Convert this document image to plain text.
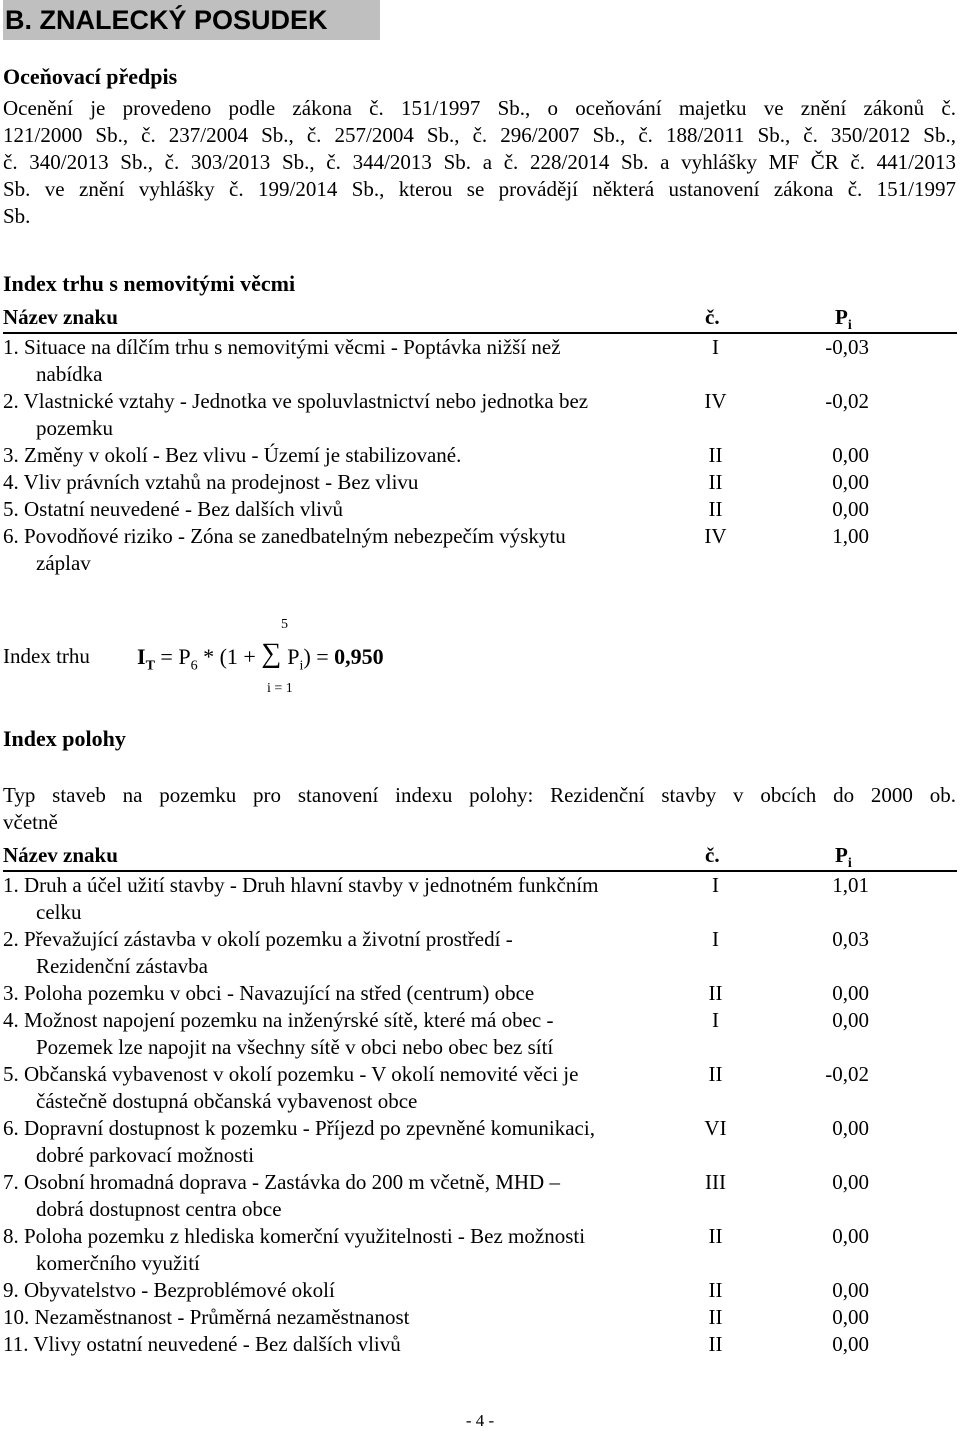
B. ZNALECKÝ POSUDEK
Oceňovací předpis
Ocenění je provedeno podle zákona č. 151/1997 Sb., o oceňování majetku ve znění zákonů č.
121/2000 Sb., č. 237/2004 Sb., č. 257/2004 Sb., č. 296/2007 Sb., č. 188/2011 Sb., č. 350/2012 Sb.,
č. 340/2013 Sb., č. 303/2013 Sb., č. 344/2013 Sb. a č. 228/2014 Sb. a vyhlášky MF ČR č. 441/2013
Sb. ve znění vyhlášky č. 199/2014 Sb., kterou se provádějí některá ustanovení zákona č. 151/1997
Sb.
Index trhu s nemovitými věcmi
Název znaku	č.	$P_i$
1. Situace na dílčím trhu s nemovitými věcmi - Poptávka nižší než
nabídka
I	-0,03
2. Vlastnické vztahy - Jednotka ve spoluvlastnictví nebo jednotka bez
pozemku
IV	-0,02
3. Změny v okolí - Bez vlivu - Území je stabilizované.	II	0,00
4. Vliv právních vztahů na prodejnost - Bez vlivu	II	0,00
5. Ostatní neuvedené - Bez dalších vlivů	II	0,00
6. Povodňové riziko - Zóna se zanedbatelným nebezpečím výskytu
záplav
IV	1,00
Index trhu
5
i = 1
$I_T = P_6 * (1$ + ∑ $P_i) = 0,950$
Index polohy
Typ staveb na pozemku pro stanovení indexu polohy: Rezidenční stavby v obcích do 2000 ob.
včetně
Název znaku	č.	$P_i$
1. Druh a účel užití stavby - Druh hlavní stavby v jednotném funkčním
celku
I	1,01
2. Převažující zástavba v okolí pozemku a životní prostředí -
Rezidenční zástavba
I	0,03
3. Poloha pozemku v obci - Navazující na střed (centrum) obce	II	0,00
4. Možnost napojení pozemku na inženýrské sítě, které má obec -
Pozemek lze napojit na všechny sítě v obci nebo obec bez sítí
I	0,00
5. Občanská vybavenost v okolí pozemku - V okolí nemovité věci je
částečně dostupná občanská vybavenost obce
II	-0,02
6. Dopravní dostupnost k pozemku - Příjezd po zpevněné komunikaci,
dobré parkovací možnosti
VI	0,00
7. Osobní hromadná doprava - Zastávka do 200 m včetně, MHD –
dobrá dostupnost centra obce
III	0,00
8. Poloha pozemku z hlediska komerční využitelnosti - Bez možnosti
komerčního využití
II	0,00
9. Obyvatelstvo - Bezproblémové okolí	II	0,00
10. Nezaměstnanost - Průměrná nezaměstnanost	II	0,00
11. Vlivy ostatní neuvedené - Bez dalších vlivů	II	0,00
- 4 -
